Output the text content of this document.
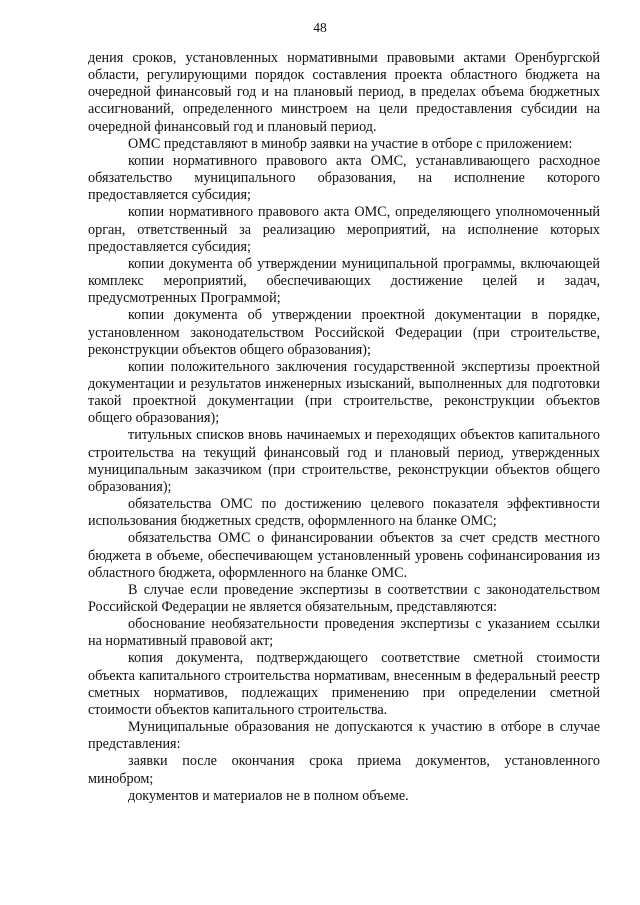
48

дения сроков, установленных нормативными правовыми актами Оренбургской области, регулирующими порядок составления проекта областного бюджета на очередной финансовый год и на плановый период, в пределах объема бюджетных ассигнований, определенного минстроем на цели предоставления субсидии на очередной финансовый год и плановый период.

ОМС представляют в минобр заявки на участие в отборе с приложением:

копии нормативного правового акта ОМС, устанавливающего расходное обязательство муниципального образования, на исполнение которого предоставляется субсидия;

копии нормативного правового акта ОМС, определяющего уполномоченный орган, ответственный за реализацию мероприятий, на исполнение которых предоставляется субсидия;

копии документа об утверждении муниципальной программы, включающей комплекс мероприятий, обеспечивающих достижение целей и задач, предусмотренных Программой;

копии документа об утверждении проектной документации в порядке, установленном законодательством Российской Федерации (при строительстве, реконструкции объектов общего образования);

копии положительного заключения государственной экспертизы проектной документации и результатов инженерных изысканий, выполненных для подготовки такой проектной документации (при строительстве, реконструкции объектов общего образования);

титульных списков вновь начинаемых и переходящих объектов капитального строительства на текущий финансовый год и плановый период, утвержденных муниципальным заказчиком (при строительстве, реконструкции объектов общего образования);

обязательства ОМС по достижению целевого показателя эффективности использования бюджетных средств, оформленного на бланке ОМС;

обязательства ОМС о финансировании объектов за счет средств местного бюджета в объеме, обеспечивающем установленный уровень софинансирования из областного бюджета, оформленного на бланке ОМС.

В случае если проведение экспертизы в соответствии с законодательством Российской Федерации не является обязательным, представляются:

обоснование необязательности проведения экспертизы с указанием ссылки на нормативный правовой акт;

копия документа, подтверждающего соответствие сметной стоимости объекта капитального строительства нормативам, внесенным в федеральный реестр сметных нормативов, подлежащих применению при определении сметной стоимости объектов капитального строительства.

Муниципальные образования не допускаются к участию в отборе в случае представления:

заявки после окончания срока приема документов, установленного минобром;

документов и материалов не в полном объеме.
